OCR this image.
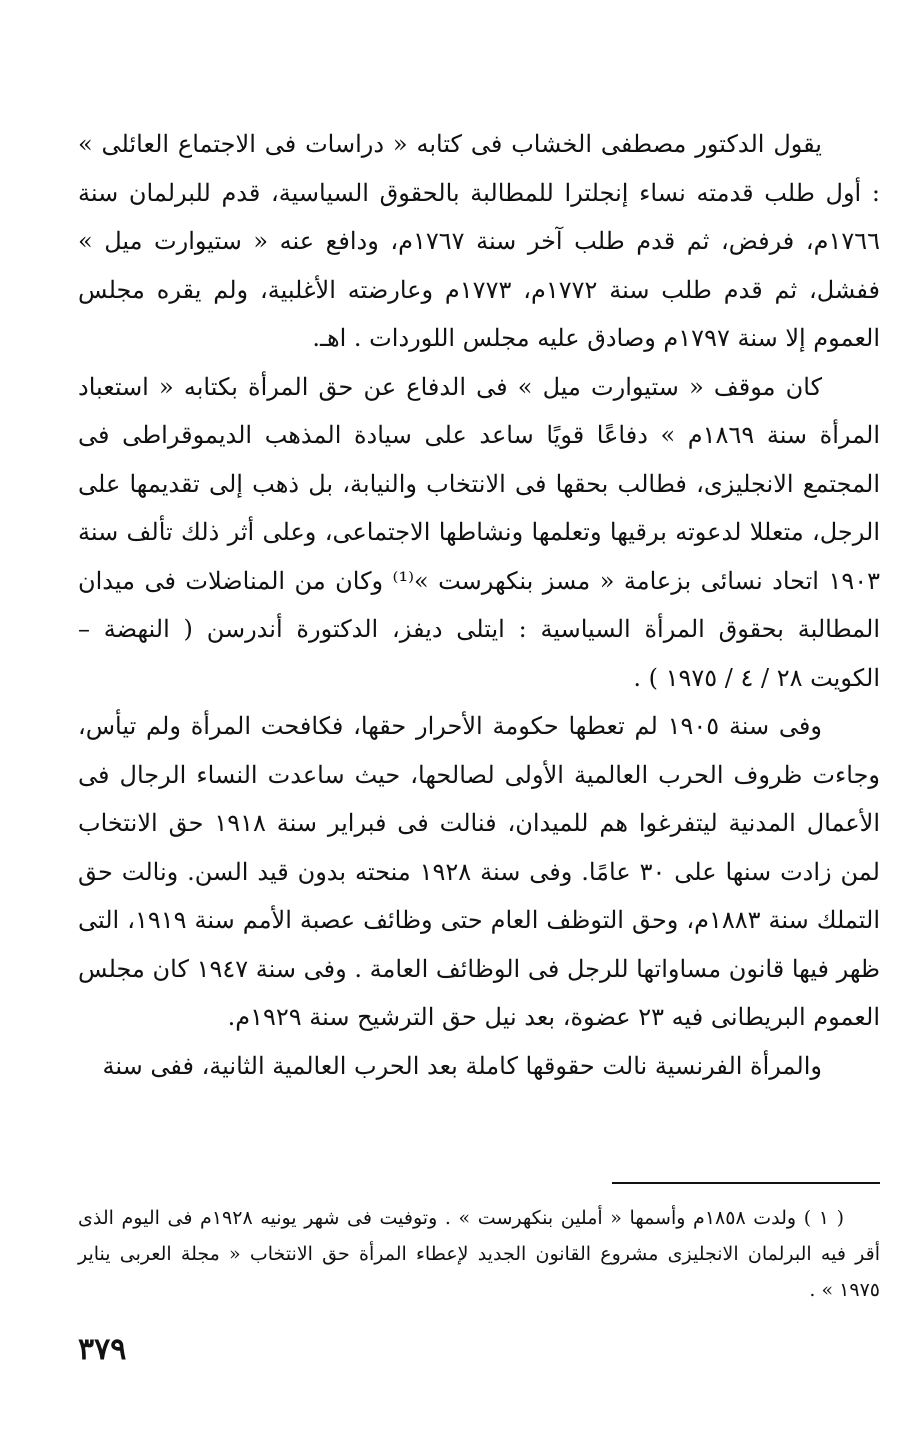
يقول الدكتور مصطفى الخشاب فى كتابه « دراسات فى الاجتماع العائلى » : أول طلب قدمته نساء إنجلترا للمطالبة بالحقوق السياسية، قدم للبرلمان سنة ١٧٦٦م، فرفض، ثم قدم طلب آخر سنة ١٧٦٧م، ودافع عنه « ستيوارت ميل » ففشل، ثم قدم طلب سنة ١٧٧٢م، ١٧٧٣م وعارضته الأغلبية، ولم يقره مجلس العموم إلا سنة ١٧٩٧م وصادق عليه مجلس اللوردات . اهـ.

كان موقف « ستيوارت ميل » فى الدفاع عن حق المرأة بكتابه « استعباد المرأة سنة ١٨٦٩م » دفاعًا قويًا ساعد على سيادة المذهب الديموقراطى فى المجتمع الانجليزى، فطالب بحقها فى الانتخاب والنيابة، بل ذهب إلى تقديمها على الرجل، متعللا لدعوته برقيها وتعلمها ونشاطها الاجتماعى، وعلى أثر ذلك تألف سنة ١٩٠٣ اتحاد نسائى بزعامة « مسز بنكهرست »⁽¹⁾ وكان من المناضلات فى ميدان المطالبة بحقوق المرأة السياسية : ايتلى ديفز، الدكتورة أندرسن ( النهضة – الكويت ٢٨ / ٤ / ١٩٧٥ ) .

وفى سنة ١٩٠٥ لم تعطها حكومة الأحرار حقها، فكافحت المرأة ولم تيأس، وجاءت ظروف الحرب العالمية الأولى لصالحها، حيث ساعدت النساء الرجال فى الأعمال المدنية ليتفرغوا هم للميدان، فنالت فى فبراير سنة ١٩١٨ حق الانتخاب لمن زادت سنها على ٣٠ عامًا. وفى سنة ١٩٢٨ منحته بدون قيد السن. ونالت حق التملك سنة ١٨٨٣م، وحق التوظف العام حتى وظائف عصبة الأمم سنة ١٩١٩، التى ظهر فيها قانون مساواتها للرجل فى الوظائف العامة . وفى سنة ١٩٤٧ كان مجلس العموم البريطانى فيه ٢٣ عضوة، بعد نيل حق الترشيح سنة ١٩٢٩م.

والمرأة الفرنسية نالت حقوقها كاملة بعد الحرب العالمية الثانية، ففى سنة

( ١ ) ولدت ١٨٥٨م وأسمها « أملين بنكهرست » . وتوفيت فى شهر يونيه ١٩٢٨م فى اليوم الذى أقر فيه البرلمان الانجليزى مشروع القانون الجديد لإعطاء المرأة حق الانتخاب « مجلة العربى يناير ١٩٧٥ » .

٣٧٩
